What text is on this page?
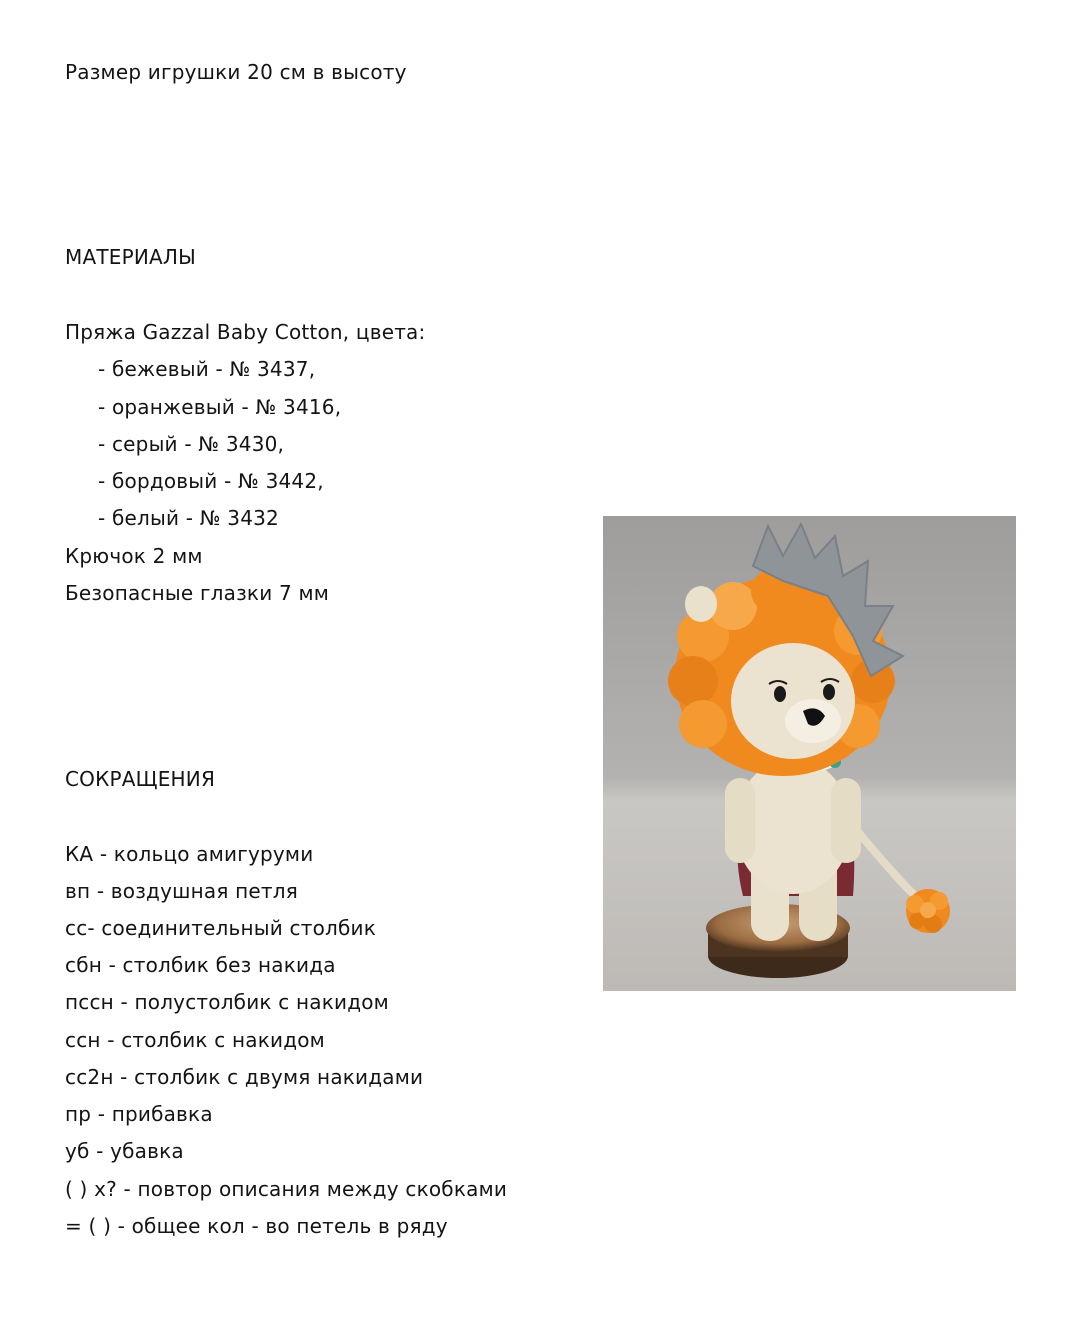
Размер игрушки 20 см в высоту
МАТЕРИАЛЫ
Пряжа Gazzal Baby Cotton, цвета:
- бежевый - № 3437,
- оранжевый - № 3416,
- серый - № 3430,
- бордовый - № 3442,
- белый - № 3432
Крючок 2 мм
Безопасные глазки 7 мм
СОКРАЩЕНИЯ
КА - кольцо амигуруми
вп - воздушная петля
сс- соединительный столбик
сбн - столбик без накида
пссн - полустолбик с накидом
ссн - столбик с накидом
сс2н - столбик с двумя накидами
пр - прибавка
уб - убавка
( ) х? - повтор описания между скобками
= ( ) - общее кол - во петель в ряду
